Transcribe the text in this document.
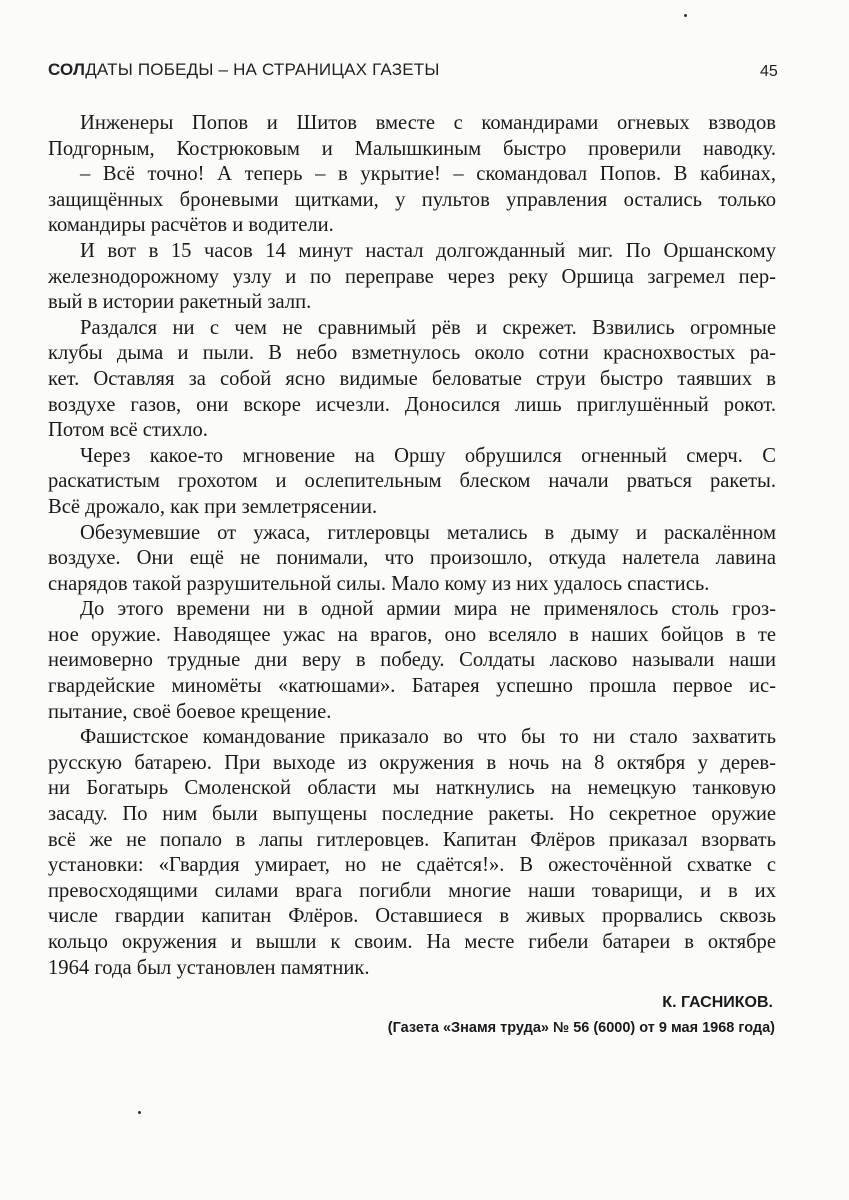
СОЛДАТЫ ПОБЕДЫ – НА СТРАНИЦАХ ГАЗЕТЫ	45
Инженеры Попов и Шитов вместе с командирами огневых взводов
Подгорным, Кострюковым и Малышкиным быстро проверили наводку.
– Всё точно! А теперь – в укрытие! – скомандовал Попов. В кабинах,
защищённых броневыми щитками, у пультов управления остались только
командиры расчётов и водители.
И вот в 15 часов 14 минут настал долгожданный миг. По Оршанскому
железнодорожному узлу и по переправе через реку Оршица загремел пер-
вый в истории ракетный залп.
Раздался ни с чем не сравнимый рёв и скрежет. Взвились огромные
клубы дыма и пыли. В небо взметнулось около сотни краснохвостых ра-
кет. Оставляя за собой ясно видимые беловатые струи быстро таявших в
воздухе газов, они вскоре исчезли. Доносился лишь приглушённый рокот.
Потом всё стихло.
Через какое-то мгновение на Оршу обрушился огненный смерч. С
раскатистым грохотом и ослепительным блеском начали рваться ракеты.
Всё дрожало, как при землетрясении.
Обезумевшие от ужаса, гитлеровцы метались в дыму и раскалённом
воздухе. Они ещё не понимали, что произошло, откуда налетела лавина
снарядов такой разрушительной силы. Мало кому из них удалось спастись.
До этого времени ни в одной армии мира не применялось столь гроз-
ное оружие. Наводящее ужас на врагов, оно вселяло в наших бойцов в те
неимоверно трудные дни веру в победу. Солдаты ласково называли наши
гвардейские миномёты «катюшами». Батарея успешно прошла первое ис-
пытание, своё боевое крещение.
Фашистское командование приказало во что бы то ни стало захватить
русскую батарею. При выходе из окружения в ночь на 8 октября у дерев-
ни Богатырь Смоленской области мы наткнулись на немецкую танковую
засаду. По ним были выпущены последние ракеты. Но секретное оружие
всё же не попало в лапы гитлеровцев. Капитан Флёров приказал взорвать
установки: «Гвардия умирает, но не сдаётся!». В ожесточённой схватке с
превосходящими силами врага погибли многие наши товарищи, и в их
числе гвардии капитан Флёров. Оставшиеся в живых прорвались сквозь
кольцо окружения и вышли к своим. На месте гибели батареи в октябре
1964 года был установлен памятник.
К. ГАСНИКОВ.
(Газета «Знамя труда» № 56 (6000) от 9 мая 1968 года)
